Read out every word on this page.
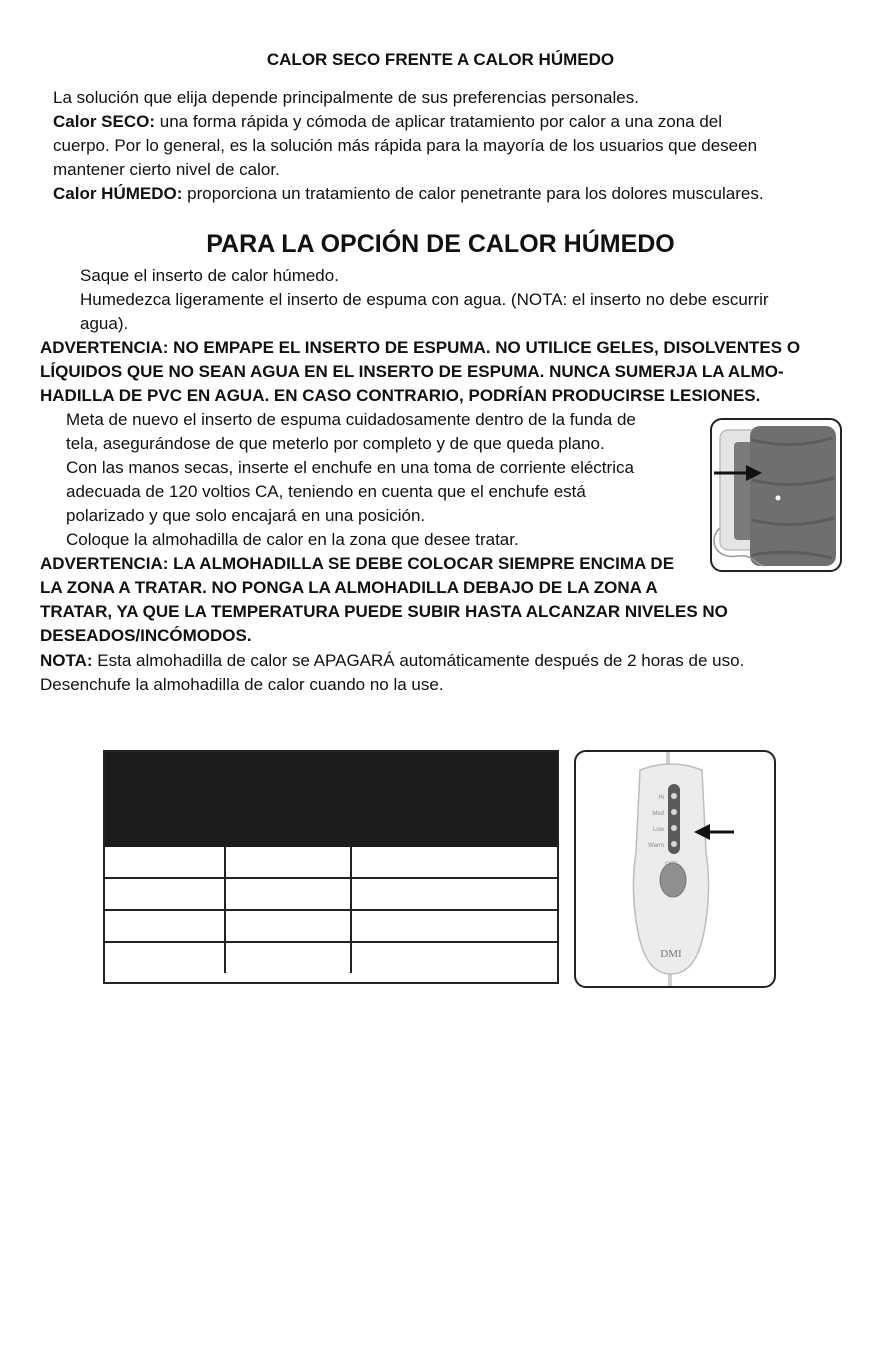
CALOR SECO FRENTE A CALOR HÚMEDO
La solución que elija depende principalmente de sus preferencias personales.
Calor SECO: una forma rápida y cómoda de aplicar tratamiento por calor a una zona del
cuerpo. Por lo general, es la solución más rápida para la mayoría de los usuarios que deseen
mantener cierto nivel de calor.
Calor HÚMEDO: proporciona un tratamiento de calor penetrante para los dolores musculares.
PARA LA OPCIÓN DE CALOR HÚMEDO
Saque el inserto de calor húmedo.
Humedezca ligeramente el inserto de espuma con agua. (NOTA: el inserto no debe escurrir
agua).
ADVERTENCIA: NO EMPAPE EL INSERTO DE ESPUMA. NO UTILICE GELES, DISOLVENTES O
LÍQUIDOS QUE NO SEAN AGUA EN EL INSERTO DE ESPUMA. NUNCA SUMERJA LA ALMO-
HADILLA DE PVC EN AGUA. EN CASO CONTRARIO, PODRÍAN PRODUCIRSE LESIONES.
Meta de nuevo el inserto de espuma cuidadosamente dentro de la funda de
tela, asegurándose de que meterlo por completo y de que queda plano.
Con las manos secas, inserte el enchufe en una toma de corriente eléctrica
adecuada de 120 voltios CA, teniendo en cuenta que el enchufe está
polarizado y que solo encajará en una posición.
Coloque la almohadilla de calor en la zona que desee tratar.
ADVERTENCIA: LA ALMOHADILLA SE DEBE COLOCAR SIEMPRE ENCIMA DE
LA ZONA A TRATAR. NO PONGA LA ALMOHADILLA DEBAJO DE LA ZONA A
TRATAR, YA QUE LA TEMPERATURA PUEDE SUBIR HASTA ALCANZAR NIVELES NO
DESEADOS/INCÓMODOS.
NOTA: Esta almohadilla de calor se APAGARÁ automáticamente después de 2 horas de uso.
Desenchufe la almohadilla de calor cuando no la use.

Hi
Med
Low
Warm
DMI
